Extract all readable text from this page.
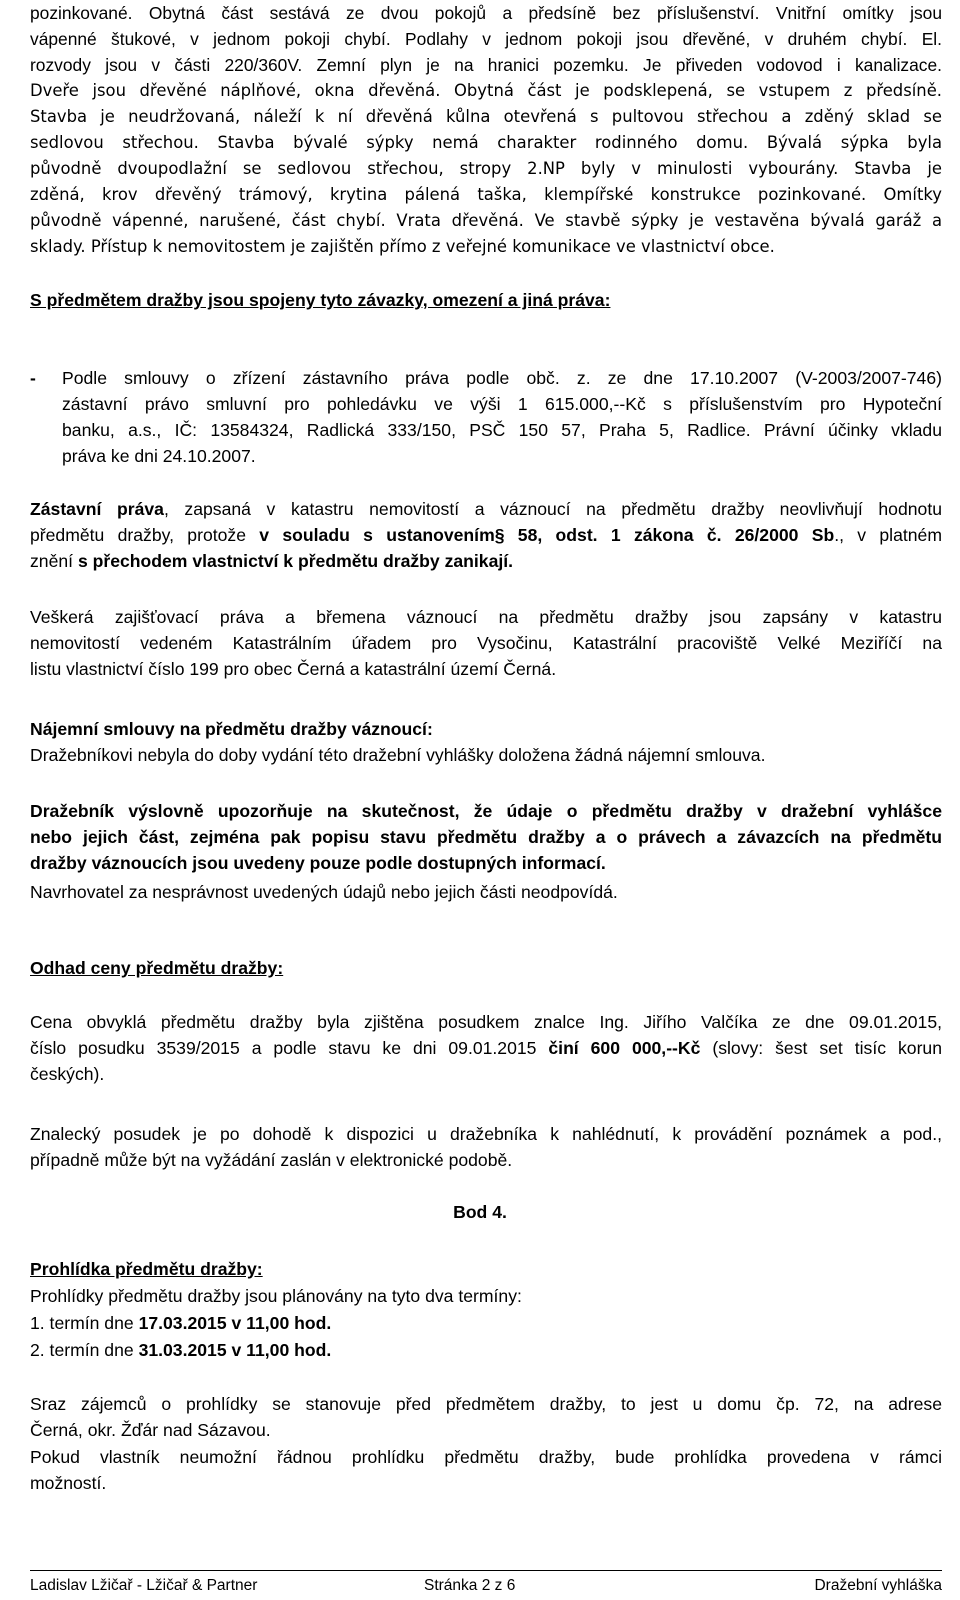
pozinkované. Obytná část sestává ze dvou pokojů a předsíně bez příslušenství. Vnitřní omítky jsou
vápenné štukové, v jednom pokoji chybí. Podlahy v jednom pokoji jsou dřevěné, v druhém chybí. El.
rozvody jsou v části 220/360V. Zemní plyn je na hranici pozemku. Je přiveden vodovod i kanalizace.
Dveře jsou dřevěné náplňové, okna dřevěná. Obytná část je podsklepená, se vstupem z předsíně.
Stavba je neudržovaná, náleží k ní dřevěná kůlna otevřená s pultovou střechou a zděný sklad se
sedlovou střechou. Stavba bývalé sýpky nemá charakter rodinného domu. Bývalá sýpka byla
původně dvoupodlažní se sedlovou střechou, stropy 2.NP byly v minulosti vybourány. Stavba je
zděná, krov dřevěný trámový, krytina pálená taška, klempířské konstrukce pozinkované. Omítky
původně vápenné, narušené, část chybí. Vrata dřevěná. Ve stavbě sýpky je vestavěna bývalá garáž a
sklady. Přístup k nemovitostem je zajištěn přímo z veřejné komunikace ve vlastnictví obce.
S předmětem dražby jsou spojeny tyto závazky, omezení a jiná práva:
- Podle smlouvy o zřízení zástavního práva podle obč. z. ze dne 17.10.2007 (V-2003/2007-746)
zástavní právo smluvní pro pohledávku ve výši 1 615.000,--Kč s příslušenstvím pro Hypoteční
banku, a.s., IČ: 13584324, Radlická 333/150, PSČ 150 57, Praha 5, Radlice. Právní účinky vkladu
práva ke dni 24.10.2007.
Zástavní práva, zapsaná v katastru nemovitostí a váznoucí na předmětu dražby neovlivňují hodnotu
předmětu dražby, protože v souladu s ustanovením§ 58, odst. 1 zákona č. 26/2000 Sb., v platném
znění s přechodem vlastnictví k předmětu dražby zanikají.
Veškerá zajišťovací práva a břemena váznoucí na předmětu dražby jsou zapsány v katastru
nemovitostí vedeném Katastrálním úřadem pro Vysočinu, Katastrální pracoviště Velké Meziříčí na
listu vlastnictví číslo 199 pro obec Černá a katastrální území Černá.
Nájemní smlouvy na předmětu dražby váznoucí:
Dražebníkovi nebyla do doby vydání této dražební vyhlášky doložena žádná nájemní smlouva.
Dražebník výslovně upozorňuje na skutečnost, že údaje o předmětu dražby v dražební vyhlášce
nebo jejich část, zejména pak popisu stavu předmětu dražby a o právech a závazcích na předmětu
dražby váznoucích jsou uvedeny pouze podle dostupných informací.
Navrhovatel za nesprávnost uvedených údajů nebo jejich části neodpovídá.
Odhad ceny předmětu dražby:
Cena obvyklá předmětu dražby byla zjištěna posudkem znalce Ing. Jiřího Valčíka ze dne 09.01.2015,
číslo posudku 3539/2015 a podle stavu ke dni 09.01.2015 činí 600 000,--Kč (slovy: šest set tisíc korun
českých).
Znalecký posudek je po dohodě k dispozici u dražebníka k nahlédnutí, k provádění poznámek a pod.,
případně může být na vyžádání zaslán v elektronické podobě.
Bod 4.
Prohlídka předmětu dražby:
Prohlídky předmětu dražby jsou plánovány na tyto dva termíny:
1. termín dne 17.03.2015 v 11,00 hod.
2. termín dne 31.03.2015 v 11,00 hod.
Sraz zájemců o prohlídky se stanovuje před předmětem dražby, to jest u domu čp. 72, na adrese
Černá, okr. Žďár nad Sázavou.
Pokud vlastník neumožní řádnou prohlídku předmětu dražby, bude prohlídka provedena v rámci
možností.
Ladislav Lžičař - Lžičař & Partner	Stránka 2 z 6	Dražební vyhláška
